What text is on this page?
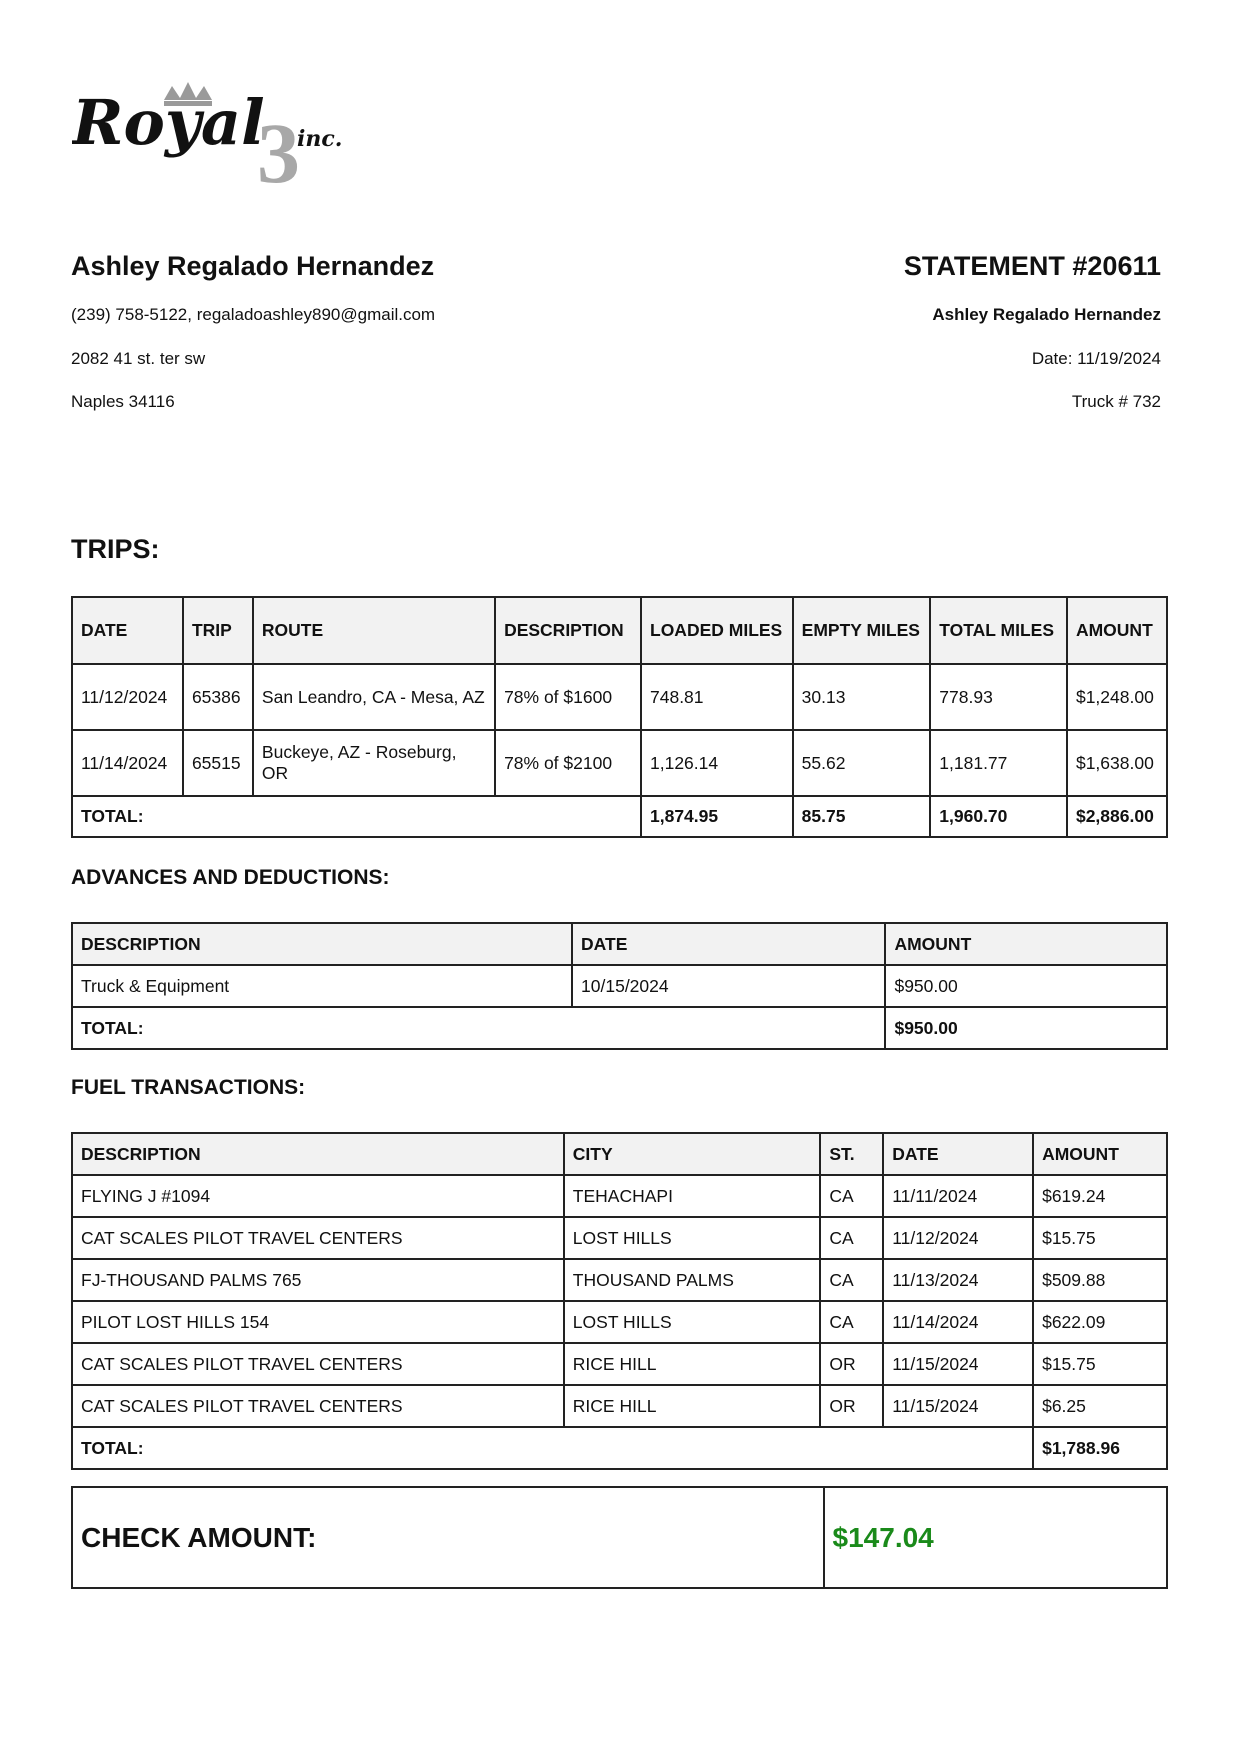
3
Royal inc.

Ashley Regalado Hernandez

(239) 758-5122, regaladoashley890@gmail.com

2082 41 st. ter sw

Naples 34116

STATEMENT #20611

Ashley Regalado Hernandez

Date: 11/19/2024

Truck # 732

TRIPS:
DATE	TRIP	ROUTE	DESCRIPTION	LOADED MILES	EMPTY MILES	TOTAL MILES	AMOUNT
11/12/2024	65386	San Leandro, CA - Mesa, AZ	78% of $1600	748.81	30.13	778.93	$1,248.00
11/14/2024	65515	Buckeye, AZ - Roseburg, OR	78% of $2100	1,126.14	55.62	1,181.77	$1,638.00
TOTAL:				1,874.95	85.75	1,960.70	$2,886.00
ADVANCES AND DEDUCTIONS:
DESCRIPTION	DATE	AMOUNT
Truck & Equipment	10/15/2024	$950.00
TOTAL:		$950.00
FUEL TRANSACTIONS:
DESCRIPTION	CITY	ST.	DATE	AMOUNT
FLYING J #1094	TEHACHAPI	CA	11/11/2024	$619.24
CAT SCALES PILOT TRAVEL CENTERS	LOST HILLS	CA	11/12/2024	$15.75
FJ-THOUSAND PALMS 765	THOUSAND PALMS	CA	11/13/2024	$509.88
PILOT LOST HILLS 154	LOST HILLS	CA	11/14/2024	$622.09
CAT SCALES PILOT TRAVEL CENTERS	RICE HILL	OR	11/15/2024	$15.75
CAT SCALES PILOT TRAVEL CENTERS	RICE HILL	OR	11/15/2024	$6.25
TOTAL:				$1,788.96
CHECK AMOUNT:	$147.04
